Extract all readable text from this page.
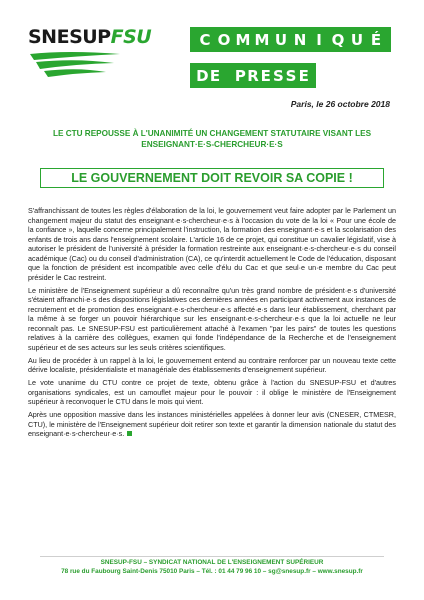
SNESUPFSU	C O M M U N I Q U É
D E P R E S S E
Paris, le 26 octobre 2018
LE CTU REPOUSSE À L'UNANIMITÉ UN CHANGEMENT STATUTAIRE VISANT LES ENSEIGNANT·E·S-CHERCHEUR·E·S
LE GOUVERNEMENT DOIT REVOIR SA COPIE !

S'affranchissant de toutes les règles d'élaboration de la loi, le gouvernement veut faire adopter par le Parlement un changement majeur du statut des enseignant·e·s-chercheur·e·s à l'occasion du vote de la loi « Pour une école de la confiance », laquelle concerne principalement l'instruction, la formation des enseignant·e·s et la scolarisation des enfants de trois ans dans l'enseignement scolaire. L'article 16 de ce projet, qui constitue un cavalier législatif, vise à autoriser le président de l'université à présider la formation restreinte aux enseignant·e·s-chercheur·e·s du conseil académique (Cac) ou du conseil d'administration (CA), ce qu'interdit actuellement le Code de l'éducation, disposant que la fonction de président est incompatible avec celle d'élu du Cac et que seul·e un·e membre du Cac peut présider le Cac restreint.

Le ministère de l'Enseignement supérieur a dû reconnaître qu'un très grand nombre de président·e·s d'université s'étaient affranchi·e·s des dispositions législatives ces dernières années en participant activement aux instances de recrutement et de promotion des enseignant·e·s-chercheur·e·s affecté·e·s dans leur établissement, cherchant par la même à se forger un pouvoir hiérarchique sur les enseignant·e·s-chercheur·e·s que la loi actuelle ne leur reconnaît pas. Le SNESUP-FSU est particulièrement attaché à l'examen "par les pairs" de toutes les questions relatives à la carrière des collègues, examen qui fonde l'indépendance de la Recherche et de l'enseignement supérieur et de ses acteurs sur les seuls critères scientifiques.

Au lieu de procéder à un rappel à la loi, le gouvernement entend au contraire renforcer par un nouveau texte cette dérive localiste, présidentialiste et managériale des établissements d'enseignement supérieur.

Le vote unanime du CTU contre ce projet de texte, obtenu grâce à l'action du SNESUP-FSU et d'autres organisations syndicales, est un camouflet majeur pour le pouvoir : il oblige le ministère de l'Enseignement supérieur à reconvoquer le CTU dans le mois qui vient.

Après une opposition massive dans les instances ministérielles appelées à donner leur avis (CNESER, CTMESR, CTU), le ministère de l'Enseignement supérieur doit retirer son texte et garantir la dimension nationale du statut des enseignant·e·s-chercheur·e·s.

SNESUP-FSU – SYNDICAT NATIONAL DE L'ENSEIGNEMENT SUPÉRIEUR
78 rue du Faubourg Saint-Denis 75010 Paris – Tél. : 01 44 79 96 10 – sg@snesup.fr – www.snesup.fr
